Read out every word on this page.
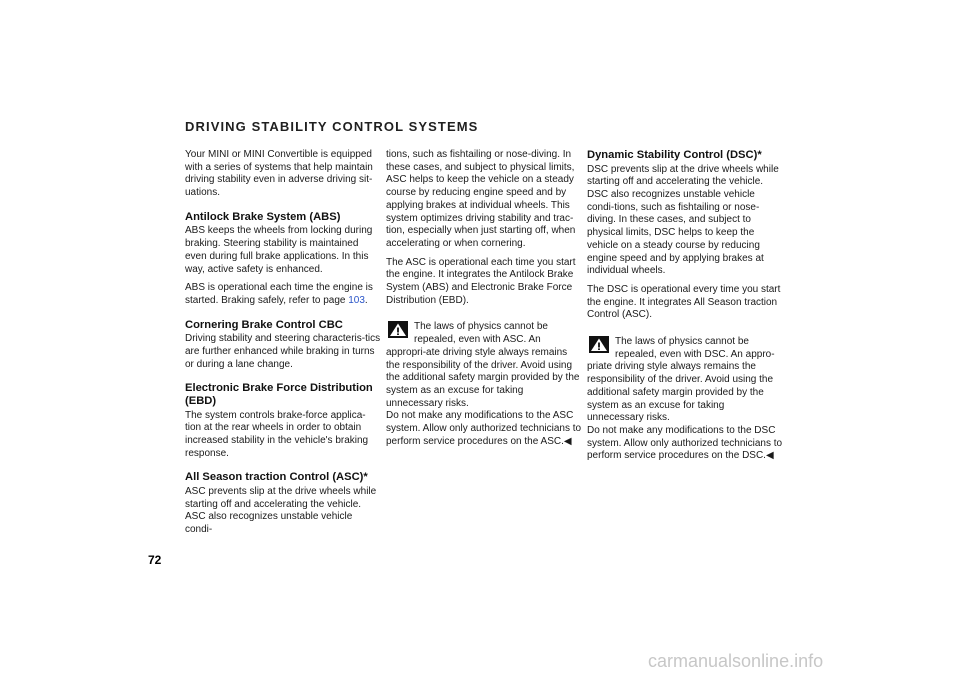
DRIVING STABILITY CONTROL SYSTEMS

Your MINI or MINI Convertible is equipped with a series of systems that help maintain driving stability even in adverse driving sit-uations.

Antilock Brake System (ABS)

ABS keeps the wheels from locking during braking. Steering stability is maintained even during full brake applications. In this way, active safety is enhanced.

ABS is operational each time the engine is started. Braking safely, refer to page 103.

Cornering Brake Control CBC

Driving stability and steering characteris-tics are further enhanced while braking in turns or during a lane change.

Electronic Brake Force Distribution (EBD)

The system controls brake-force applica-tion at the rear wheels in order to obtain increased stability in the vehicle's braking response.

All Season traction Control (ASC)*

ASC prevents slip at the drive wheels while starting off and accelerating the vehicle. ASC also recognizes unstable vehicle condi-

tions, such as fishtailing or nose-diving. In these cases, and subject to physical limits, ASC helps to keep the vehicle on a steady course by reducing engine speed and by applying brakes at individual wheels. This system optimizes driving stability and trac-tion, especially when just starting off, when accelerating or when cornering.

The ASC is operational each time you start the engine. It integrates the Antilock Brake System (ABS) and Electronic Brake Force Distribution (EBD).

The laws of physics cannot be repealed, even with ASC. An appropri-ate driving style always remains the responsibility of the driver. Avoid using the additional safety margin provided by the system as an excuse for taking unnecessary risks.

Do not make any modifications to the ASC system. Allow only authorized technicians to perform service procedures on the ASC.◀

Dynamic Stability Control (DSC)*

DSC prevents slip at the drive wheels while starting off and accelerating the vehicle. DSC also recognizes unstable vehicle condi-tions, such as fishtailing or nose-diving. In these cases, and subject to physical limits, DSC helps to keep the vehicle on a steady course by reducing engine speed and by applying brakes at individual wheels.

The DSC is operational every time you start the engine. It integrates All Season traction Control (ASC).

The laws of physics cannot be repealed, even with DSC. An appro-priate driving style always remains the responsibility of the driver. Avoid using the additional safety margin provided by the system as an excuse for taking unnecessary risks.

Do not make any modifications to the DSC system. Allow only authorized technicians to perform service procedures on the DSC.◀

72
carmanualsonline.info
